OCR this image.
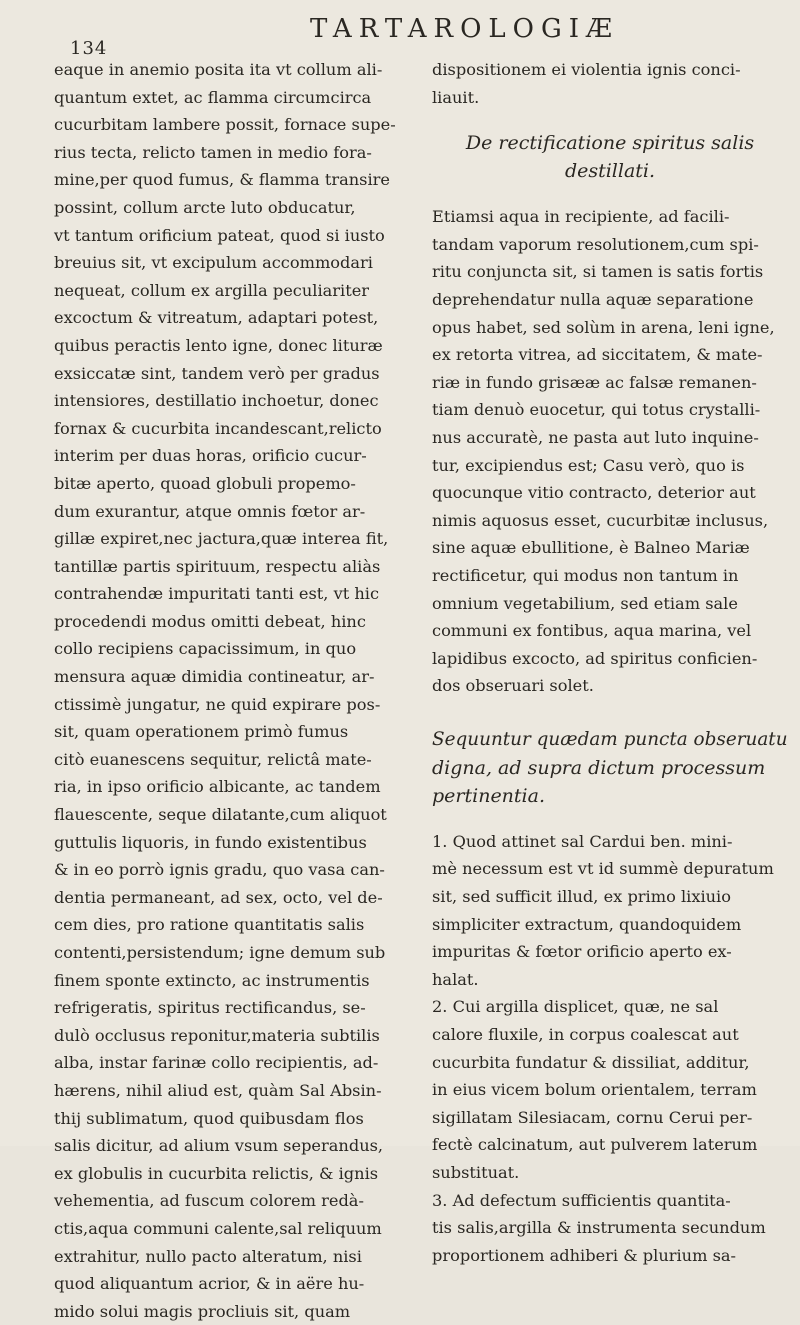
134
TARTAROLOGIÆ
eaque in anemio posita ita vt collum ali-
quantum extet, ac flamma circumcirca
cucurbitam lambere possit, fornace supe-
rius tecta, relicto tamen in medio fora-
mine,per quod fumus, & flamma transire
possint, collum arcte luto obducatur,
vt tantum orificium pateat, quod si iusto
breuius sit, vt excipulum accommodari
nequeat, collum ex argilla peculiariter
excoctum & vitreatum, adaptari potest,
quibus peractis lento igne, donec lituræ
exsiccatæ sint, tandem verò per gradus
intensiores, destillatio inchoetur, donec
fornax & cucurbita incandescant,relicto
interim per duas horas, orificio cucur-
bitæ aperto, quoad globuli propemo-
dum exurantur, atque omnis fœtor ar-
gillæ expiret,nec jactura,quæ interea fit,
tantillæ partis spirituum, respectu aliàs
contrahendæ impuritati tanti est, vt hic
procedendi modus omitti debeat, hinc
collo recipiens capacissimum, in quo
mensura aquæ dimidia contineatur, ar-
ctissimè jungatur, ne quid expirare pos-
sit, quam operationem primò fumus
citò euanescens sequitur, relictâ mate-
ria, in ipso orificio albicante, ac tandem
flauescente, seque dilatante,cum aliquot
guttulis liquoris, in fundo existentibus
& in eo porrò ignis gradu, quo vasa can-
dentia permaneant, ad sex, octo, vel de-
cem dies, pro ratione quantitatis salis
contenti,persistendum; igne demum sub
finem sponte extincto, ac instrumentis
refrigeratis, spiritus rectificandus, se-
dulò occlusus reponitur,materia subtilis
alba, instar farinæ collo recipientis, ad-
hærens, nihil aliud est, quàm Sal Absin-
thij sublimatum, quod quibusdam flos
salis dicitur, ad alium vsum seperandus,
ex globulis in cucurbita relictis, & ignis
vehementia, ad fuscum colorem redà-
ctis,aqua communi calente,sal reliquum
extrahitur, nullo pacto alteratum, nisi
quod aliquantum acrior, & in aëre hu-
mido solui magis procliuis sit, quam
dispositionem ei violentia ignis conci-
liauit.
De rectificatione spiritus salis
destillati.
Etiamsi aqua in recipiente, ad facili-
tandam vaporum resolutionem,cum spi-
ritu conjuncta sit, si tamen is satis fortis
deprehendatur nulla aquæ separatione
opus habet, sed solùm in arena, leni igne,
ex retorta vitrea, ad siccitatem, & mate-
riæ in fundo grisææ ac falsæ remanen-
tiam denuò euocetur, qui totus crystalli-
nus accuratè, ne pasta aut luto inquine-
tur, excipiendus est; Casu verò, quo is
quocunque vitio contracto, deterior aut
nimis aquosus esset, cucurbitæ inclusus,
sine aquæ ebullitione, è Balneo Mariæ
rectificetur, qui modus non tantum in
omnium vegetabilium, sed etiam sale
communi ex fontibus, aqua marina, vel
lapidibus excocto, ad spiritus conficien-
dos obseruari solet.
Sequuntur quædam puncta obseruatu
digna, ad supra dictum processum
pertinentia.
1. Quod attinet sal Cardui ben. mini-
mè necessum est vt id summè depuratum
sit, sed sufficit illud, ex primo lixiuio
simpliciter extractum, quandoquidem
impuritas & fœtor orificio aperto ex-
halat.
2. Cui argilla displicet, quæ, ne sal
calore fluxile, in corpus coalescat aut
cucurbita fundatur & dissiliat, additur,
in eius vicem bolum orientalem, terram
sigillatam Silesiacam, cornu Cerui per-
fectè calcinatum, aut pulverem laterum
substituat.
3. Ad defectum sufficientis quantita-
tis salis,argilla & instrumenta secundum
proportionem adhiberi & plurium sa-
